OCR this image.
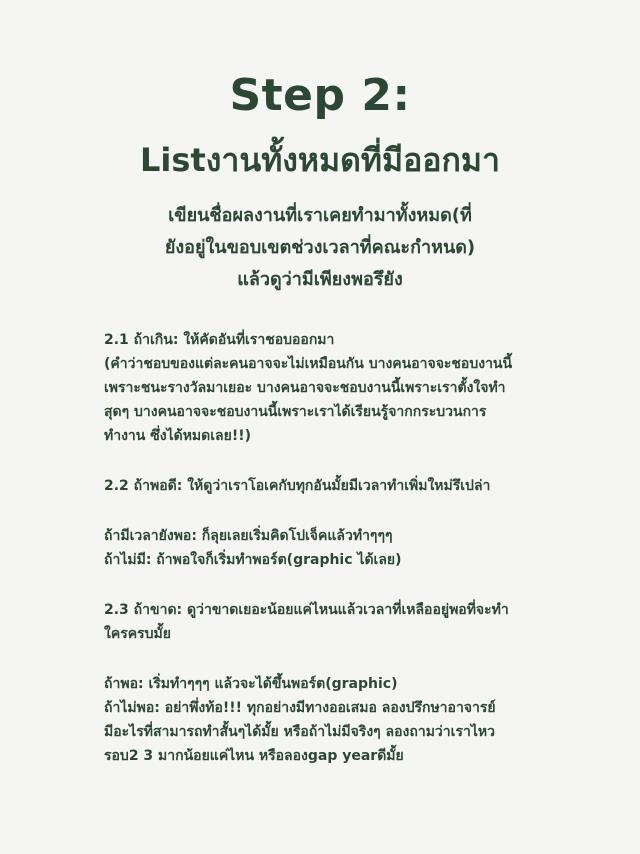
Step 2:
Listงานทั้งหมดที่มีออกมา
เขียนชื่อผลงานที่เราเคยทำมาทั้งหมด(ที่
ยังอยู่ในขอบเขตช่วงเวลาที่คณะกำหนด)
แล้วดูว่ามีเพียงพอรึยัง
2.1 ถ้าเกิน: ให้คัดอันที่เราชอบออกมา
(คำว่าชอบของแต่ละคนอาจจะไม่เหมือนกัน บางคนอาจจะชอบงานนี้
เพราะชนะรางวัลมาเยอะ บางคนอาจจะชอบงานนี้เพราะเราตั้งใจทำ
สุดๆ บางคนอาจจะชอบงานนี้เพราะเราได้เรียนรู้จากกระบวนการ
ทำงาน ซึ่งได้หมดเลย!!)
2.2 ถ้าพอดี: ให้ดูว่าเราโอเคกับทุกอันมั้ยมีเวลาทำเพิ่มใหม่รึเปล่า
ถ้ามีเวลายังพอ: ก็ลุยเลยเริ่มคิดโปเจ็คแล้วทำๆๆๆ
ถ้าไม่มี: ถ้าพอใจก็เริ่มทำพอร์ต(graphic ได้เลย)
2.3 ถ้าขาด: ดูว่าขาดเยอะน้อยแค่ไหนแล้วเวลาที่เหลืออยู่พอที่จะทำ
ใครครบมั้ย
ถ้าพอ: เริ่มทำๆๆๆ แล้วจะได้ขึ้นพอร์ต(graphic)
ถ้าไม่พอ: อย่าพึ่งท้อ!!! ทุกอย่างมีทางออเสมอ ลองปรึกษาอาจารย์
มีอะไรที่สามารถทำสั้นๆได้มั้ย หรือถ้าไม่มีจริงๆ ลองถามว่าเราไหว
รอบ2 3 มากน้อยแค่ไหน หรือลองgap yearดีมั้ย
